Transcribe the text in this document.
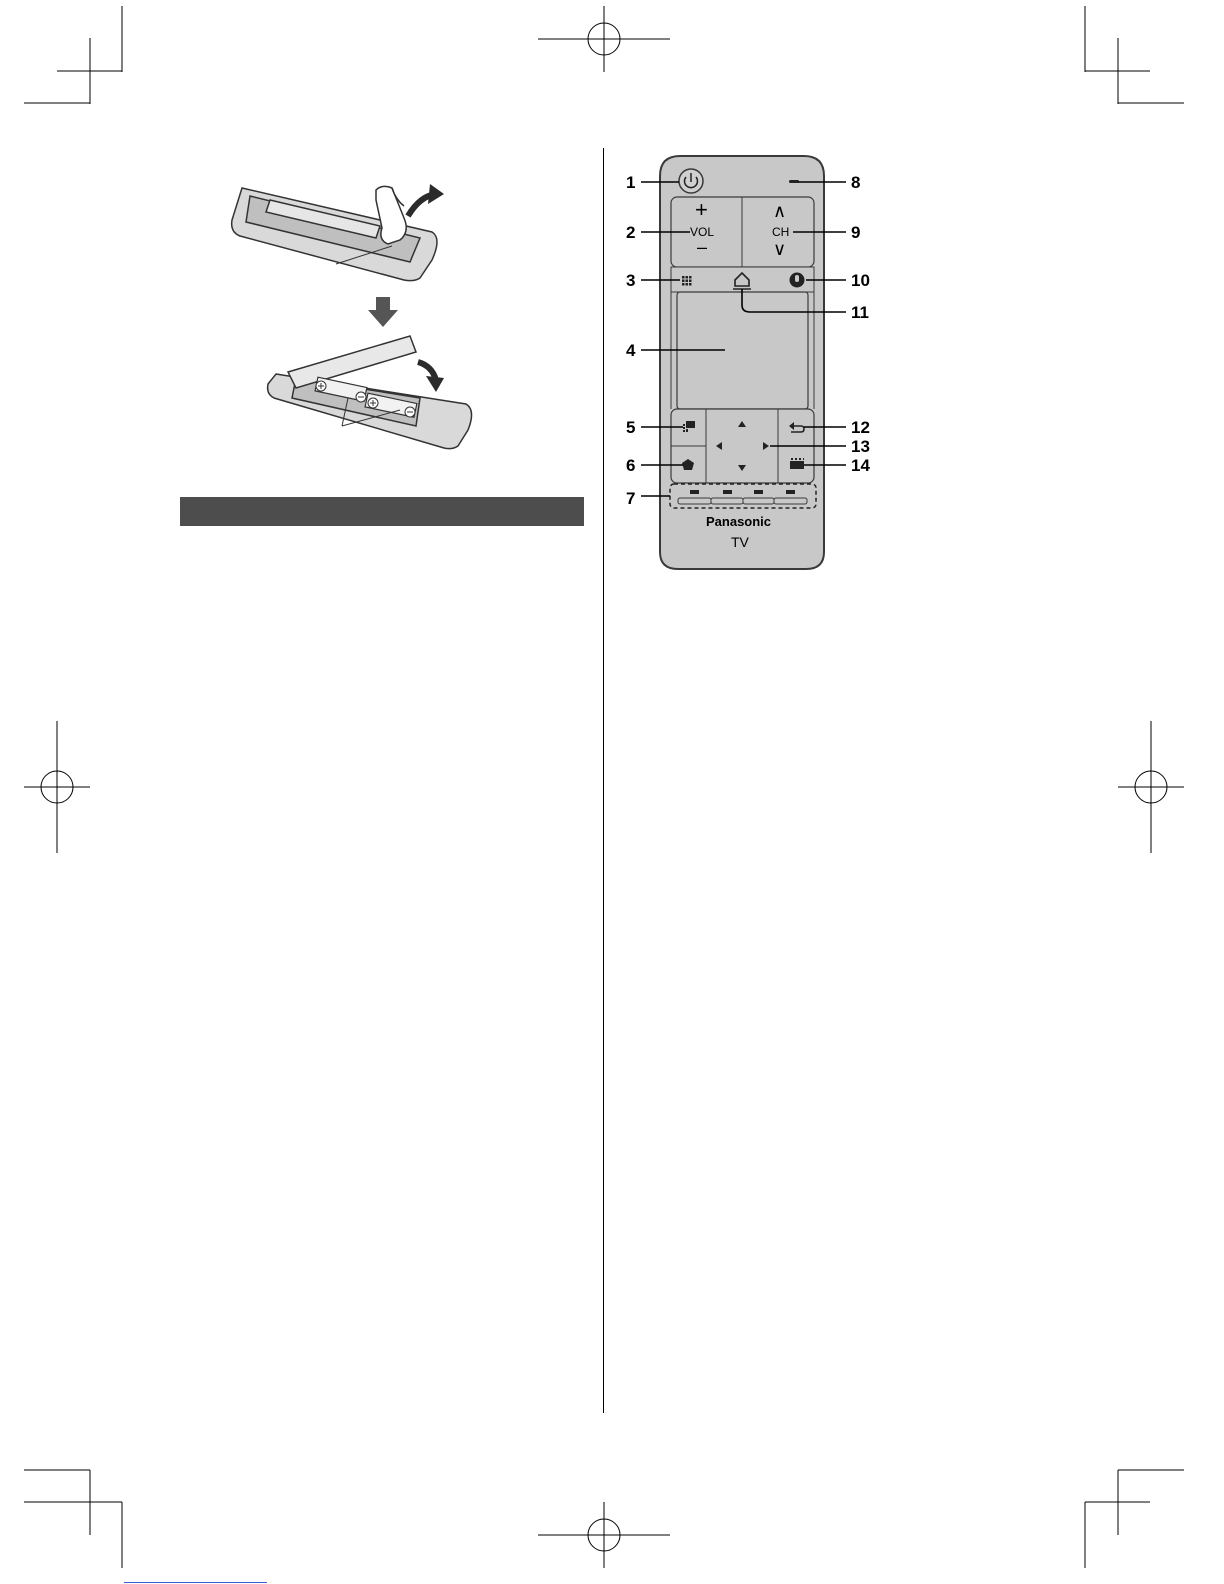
+
VOL
–
∧
CH
∨
Panasonic
TV
1
2
3
4
5
6
7
8
9
10
11
12
13
14
